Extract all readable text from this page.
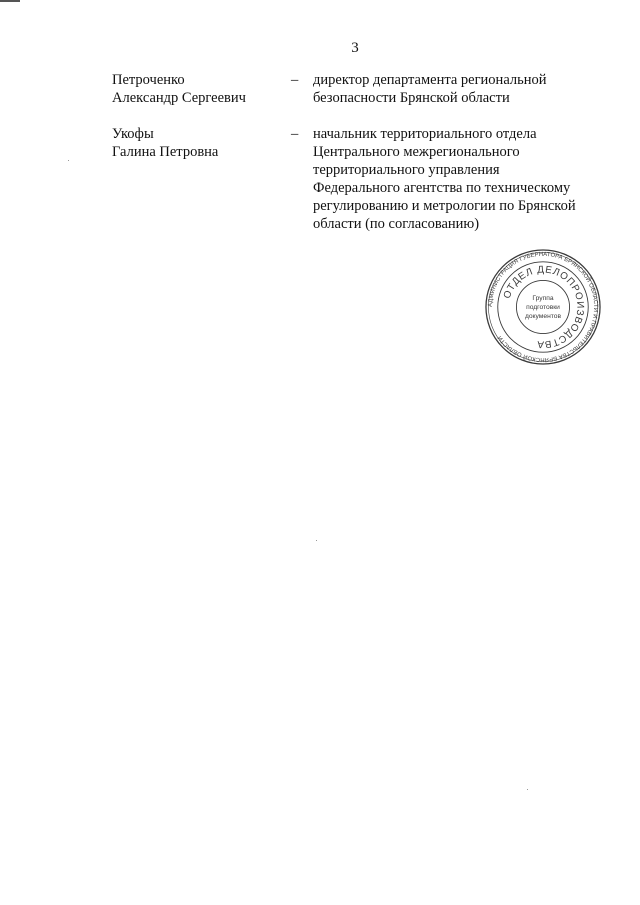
3
Петроченко
Александр Сергеевич
– директор департамента региональной
безопасности Брянской области
Укофы
Галина Петровна
– начальник территориального отдела
Центрального межрегионального
территориального управления
Федерального агентства по техническому
регулированию и метрологии по Брянской
области (по согласованию)
АДМИНИСТРАЦИЯ ГУБЕРНАТОРА БРЯНСКОЙ ОБЛАСТИ И ПРАВИТЕЛЬСТВА БРЯНСКОЙ ОБЛАСТИ
ОТДЕЛ ДЕЛОПРОИЗВОДСТВА
Группа
подготовки
документов
